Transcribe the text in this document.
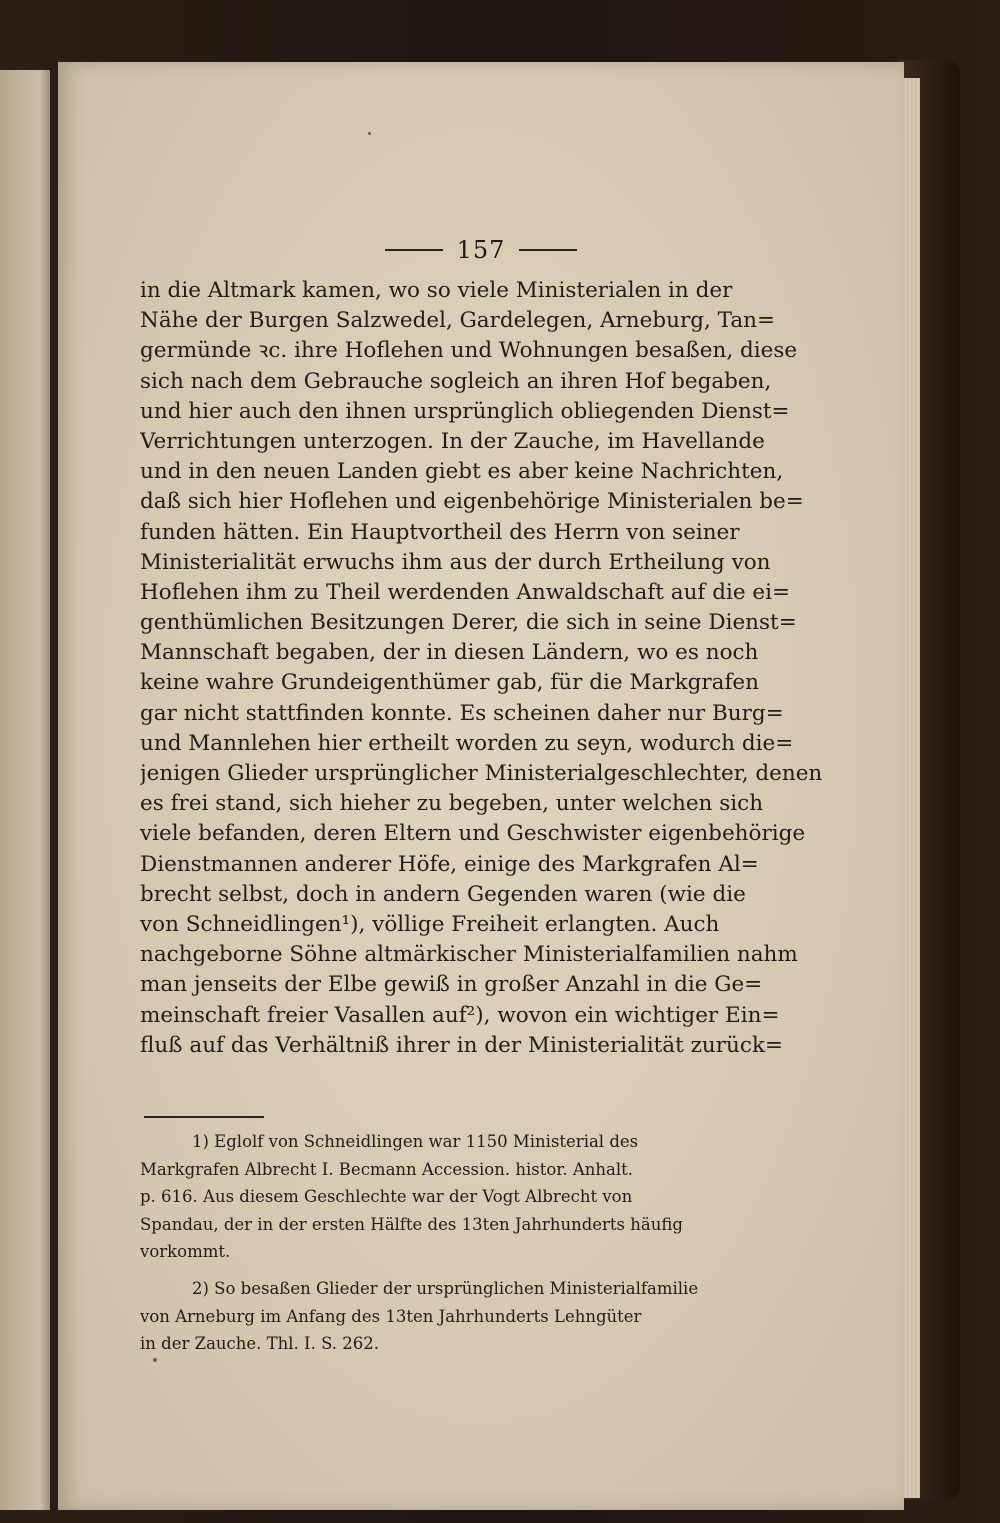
157
in die Altmark kamen, wo so viele Ministerialen in der
Nähe der Burgen Salzwedel, Gardelegen, Arneburg, Tan=
germünde ꝛc. ihre Hoflehen und Wohnungen besaßen, diese
sich nach dem Gebrauche sogleich an ihren Hof begaben,
und hier auch den ihnen ursprünglich obliegenden Dienst=
Verrichtungen unterzogen. In der Zauche, im Havellande
und in den neuen Landen giebt es aber keine Nachrichten,
daß sich hier Hoflehen und eigenbehörige Ministerialen be=
funden hätten. Ein Hauptvortheil des Herrn von seiner
Ministerialität erwuchs ihm aus der durch Ertheilung von
Hoflehen ihm zu Theil werdenden Anwaldschaft auf die ei=
genthümlichen Besitzungen Derer, die sich in seine Dienst=
Mannschaft begaben, der in diesen Ländern, wo es noch
keine wahre Grundeigenthümer gab, für die Markgrafen
gar nicht stattfinden konnte. Es scheinen daher nur Burg=
und Mannlehen hier ertheilt worden zu seyn, wodurch die=
jenigen Glieder ursprünglicher Ministerialgeschlechter, denen
es frei stand, sich hieher zu begeben, unter welchen sich
viele befanden, deren Eltern und Geschwister eigenbehörige
Dienstmannen anderer Höfe, einige des Markgrafen Al=
brecht selbst, doch in andern Gegenden waren (wie die
von Schneidlingen¹), völlige Freiheit erlangten. Auch
nachgeborne Söhne altmärkischer Ministerialfamilien nahm
man jenseits der Elbe gewiß in großer Anzahl in die Ge=
meinschaft freier Vasallen auf²), wovon ein wichtiger Ein=
fluß auf das Verhältniß ihrer in der Ministerialität zurück=
1) Eglolf von Schneidlingen war 1150 Ministerial des
Markgrafen Albrecht I. Becmann Accession. histor. Anhalt.
p. 616. Aus diesem Geschlechte war der Vogt Albrecht von
Spandau, der in der ersten Hälfte des 13ten Jahrhunderts häufig
vorkommt.
2) So besaßen Glieder der ursprünglichen Ministerialfamilie
von Arneburg im Anfang des 13ten Jahrhunderts Lehngüter
in der Zauche. Thl. I. S. 262.
